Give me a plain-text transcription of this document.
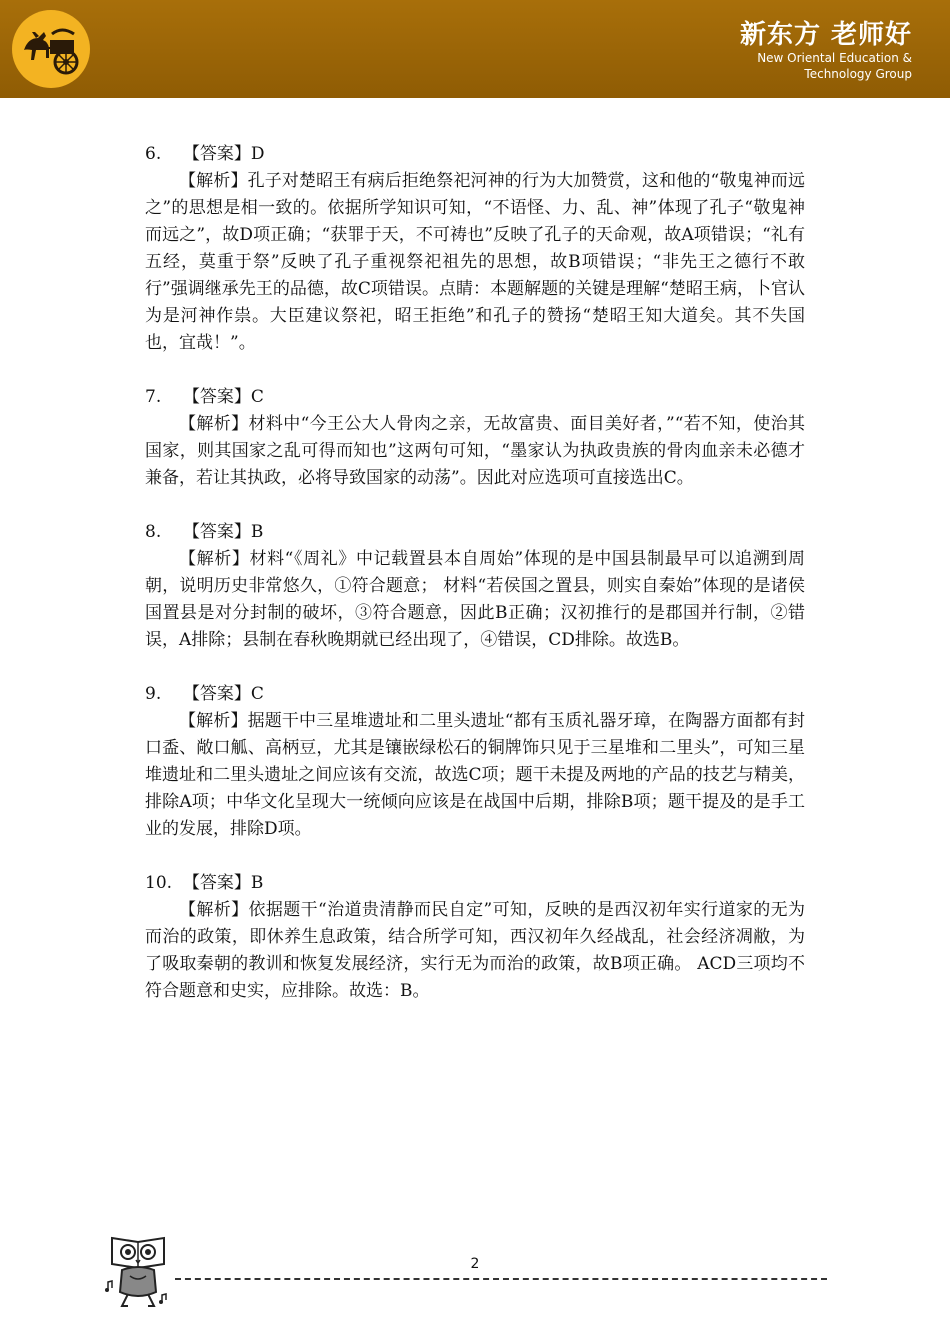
新东方 老师好
New Oriental Education &
Technology Group

6. 【答案】D

【解析】孔子对楚昭王有病后拒绝祭祀河神的行为大加赞赏，这和他的“敬鬼神而远之”的思想是相一致的。依据所学知识可知，“不语怪、力、乱、神”体现了孔子“敬鬼神而远之”，故D项正确；“获罪于天，不可祷也”反映了孔子的天命观，故A项错误；“礼有五经，莫重于祭”反映了孔子重视祭祀祖先的思想，故B项错误；“非先王之德行不敢行”强调继承先王的品德，故C项错误。点睛：本题解题的关键是理解“楚昭王病，卜官认为是河神作祟。大臣建议祭祀，昭王拒绝”和孔子的赞扬“楚昭王知大道矣。其不失国也，宜哉！”。

7. 【答案】C

【解析】材料中“今王公大人骨肉之亲，无故富贵、面目美好者，”“若不知，使治其国家，则其国家之乱可得而知也”这两句可知，“墨家认为执政贵族的骨肉血亲未必德才兼备，若让其执政，必将导致国家的动荡”。因此对应选项可直接选出C。

8. 【答案】B

【解析】材料“《周礼》中记载置县本自周始”体现的是中国县制最早可以追溯到周朝，说明历史非常悠久，①符合题意； 材料“若侯国之置县，则实自秦始”体现的是诸侯国置县是对分封制的破坏，③符合题意，因此B正确；汉初推行的是郡国并行制，②错误，A排除；县制在春秋晚期就已经出现了，④错误，CD排除。故选B。

9. 【答案】C

【解析】据题干中三星堆遗址和二里头遗址“都有玉质礼器牙璋，在陶器方面都有封口盉、敞口觚、高柄豆，尤其是镶嵌绿松石的铜牌饰只见于三星堆和二里头”，可知三星堆遗址和二里头遗址之间应该有交流，故选C项；题干未提及两地的产品的技艺与精美，排除A项；中华文化呈现大一统倾向应该是在战国中后期，排除B项；题干提及的是手工业的发展，排除D项。

10. 【答案】B

【解析】依据题干“治道贵清静而民自定”可知，反映的是西汉初年实行道家的无为而治的政策，即休养生息政策，结合所学可知，西汉初年久经战乱，社会经济凋敝，为了吸取秦朝的教训和恢复发展经济，实行无为而治的政策，故B项正确。 ACD三项均不符合题意和史实，应排除。故选：B。

2
